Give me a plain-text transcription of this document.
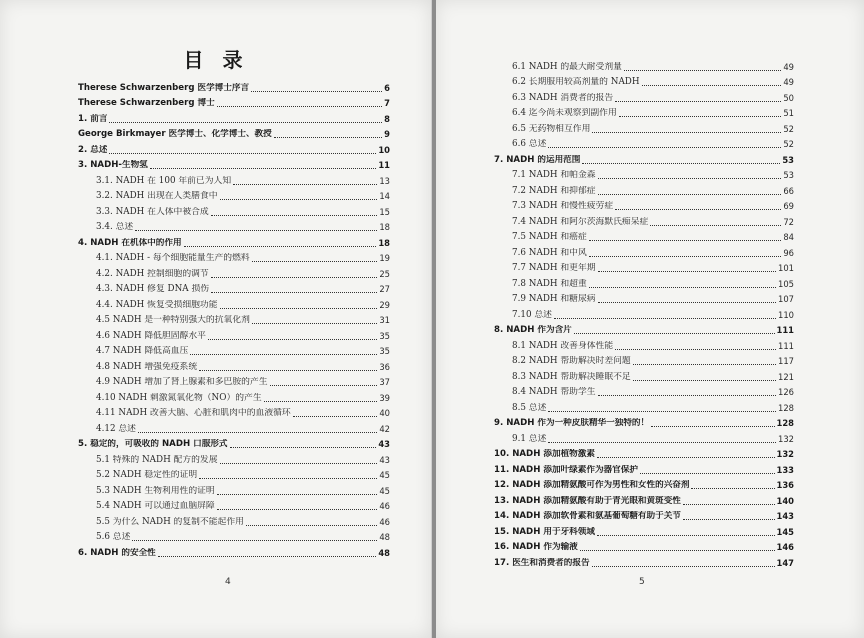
目 录
Therese Schwarzenberg 医学博士序言	6
Therese Schwarzenberg 博士	7
1. 前言	8
George Birkmayer 医学博士、化学博士、教授	9
2. 总述	10
3. NADH-生物氢	11
3.1. NADH 在 100 年前已为人知	13
3.2. NADH 出现在人类膳食中	14
3.3. NADH 在人体中被合成	15
3.4. 总述	18
4. NADH 在机体中的作用	18
4.1. NADH - 每个细胞能量生产的燃料	19
4.2. NADH 控制细胞的调节	25
4.3. NADH 修复 DNA 损伤	27
4.4. NADH 恢复受损细胞功能	29
4.5 NADH 是一种特别强大的抗氧化剂	31
4.6 NADH 降低胆固醇水平	35
4.7 NADH 降低高血压	35
4.8 NADH 增强免疫系统	36
4.9 NADH 增加了肾上腺素和多巴胺的产生	37
4.10 NADH 刺激氮氧化物（NO）的产生	39
4.11 NADH 改善大脑、心脏和肌肉中的血液循环	40
4.12 总述	42
5. 稳定的，可吸收的 NADH 口服形式	43
5.1 特殊的 NADH 配方的发展	43
5.2 NADH 稳定性的证明	45
5.3 NADH 生物利用性的证明	45
5.4 NADH 可以通过血脑屏障	46
5.5 为什么 NADH 的复制不能起作用	46
5.6 总述	48
6. NADH 的安全性	48
6.1 NADH 的最大耐受剂量	49
6.2 长期服用较高剂量的 NADH	49
6.3 NADH 消费者的报告	50
6.4 迄今尚未观察到副作用	51
6.5 无药物相互作用	52
6.6 总述	52
7. NADH 的运用范围	53
7.1 NADH 和帕金森	53
7.2 NADH 和抑郁症	66
7.3 NADH 和慢性疲劳症	69
7.4 NADH 和阿尔茨海默氏痴呆症	72
7.5 NADH 和癌症	84
7.6 NADH 和中风	96
7.7 NADH 和更年期	101
7.8 NADH 和超重	105
7.9 NADH 和糖尿病	107
7.10 总述	110
8. NADH 作为含片	111
8.1 NADH 改善身体性能	111
8.2 NADH 帮助解决时差问题	117
8.3 NADH 帮助解决睡眠不足	121
8.4 NADH 帮助学生	126
8.5 总述	128
9. NADH 作为一种皮肤精华一独特的！	128
9.1 总述	132
10. NADH 添加植物激素	132
11. NADH 添加叶绿素作为器官保护	133
12. NADH 添加精氨酸可作为男性和女性的兴奋剂	136
13. NADH 添加精氨酸有助于青光眼和黄斑变性	140
14. NADH 添加软骨素和氨基葡萄糖有助于关节	143
15. NADH 用于牙科领域	145
16. NADH 作为输液	146
17. 医生和消费者的报告	147
4	5
